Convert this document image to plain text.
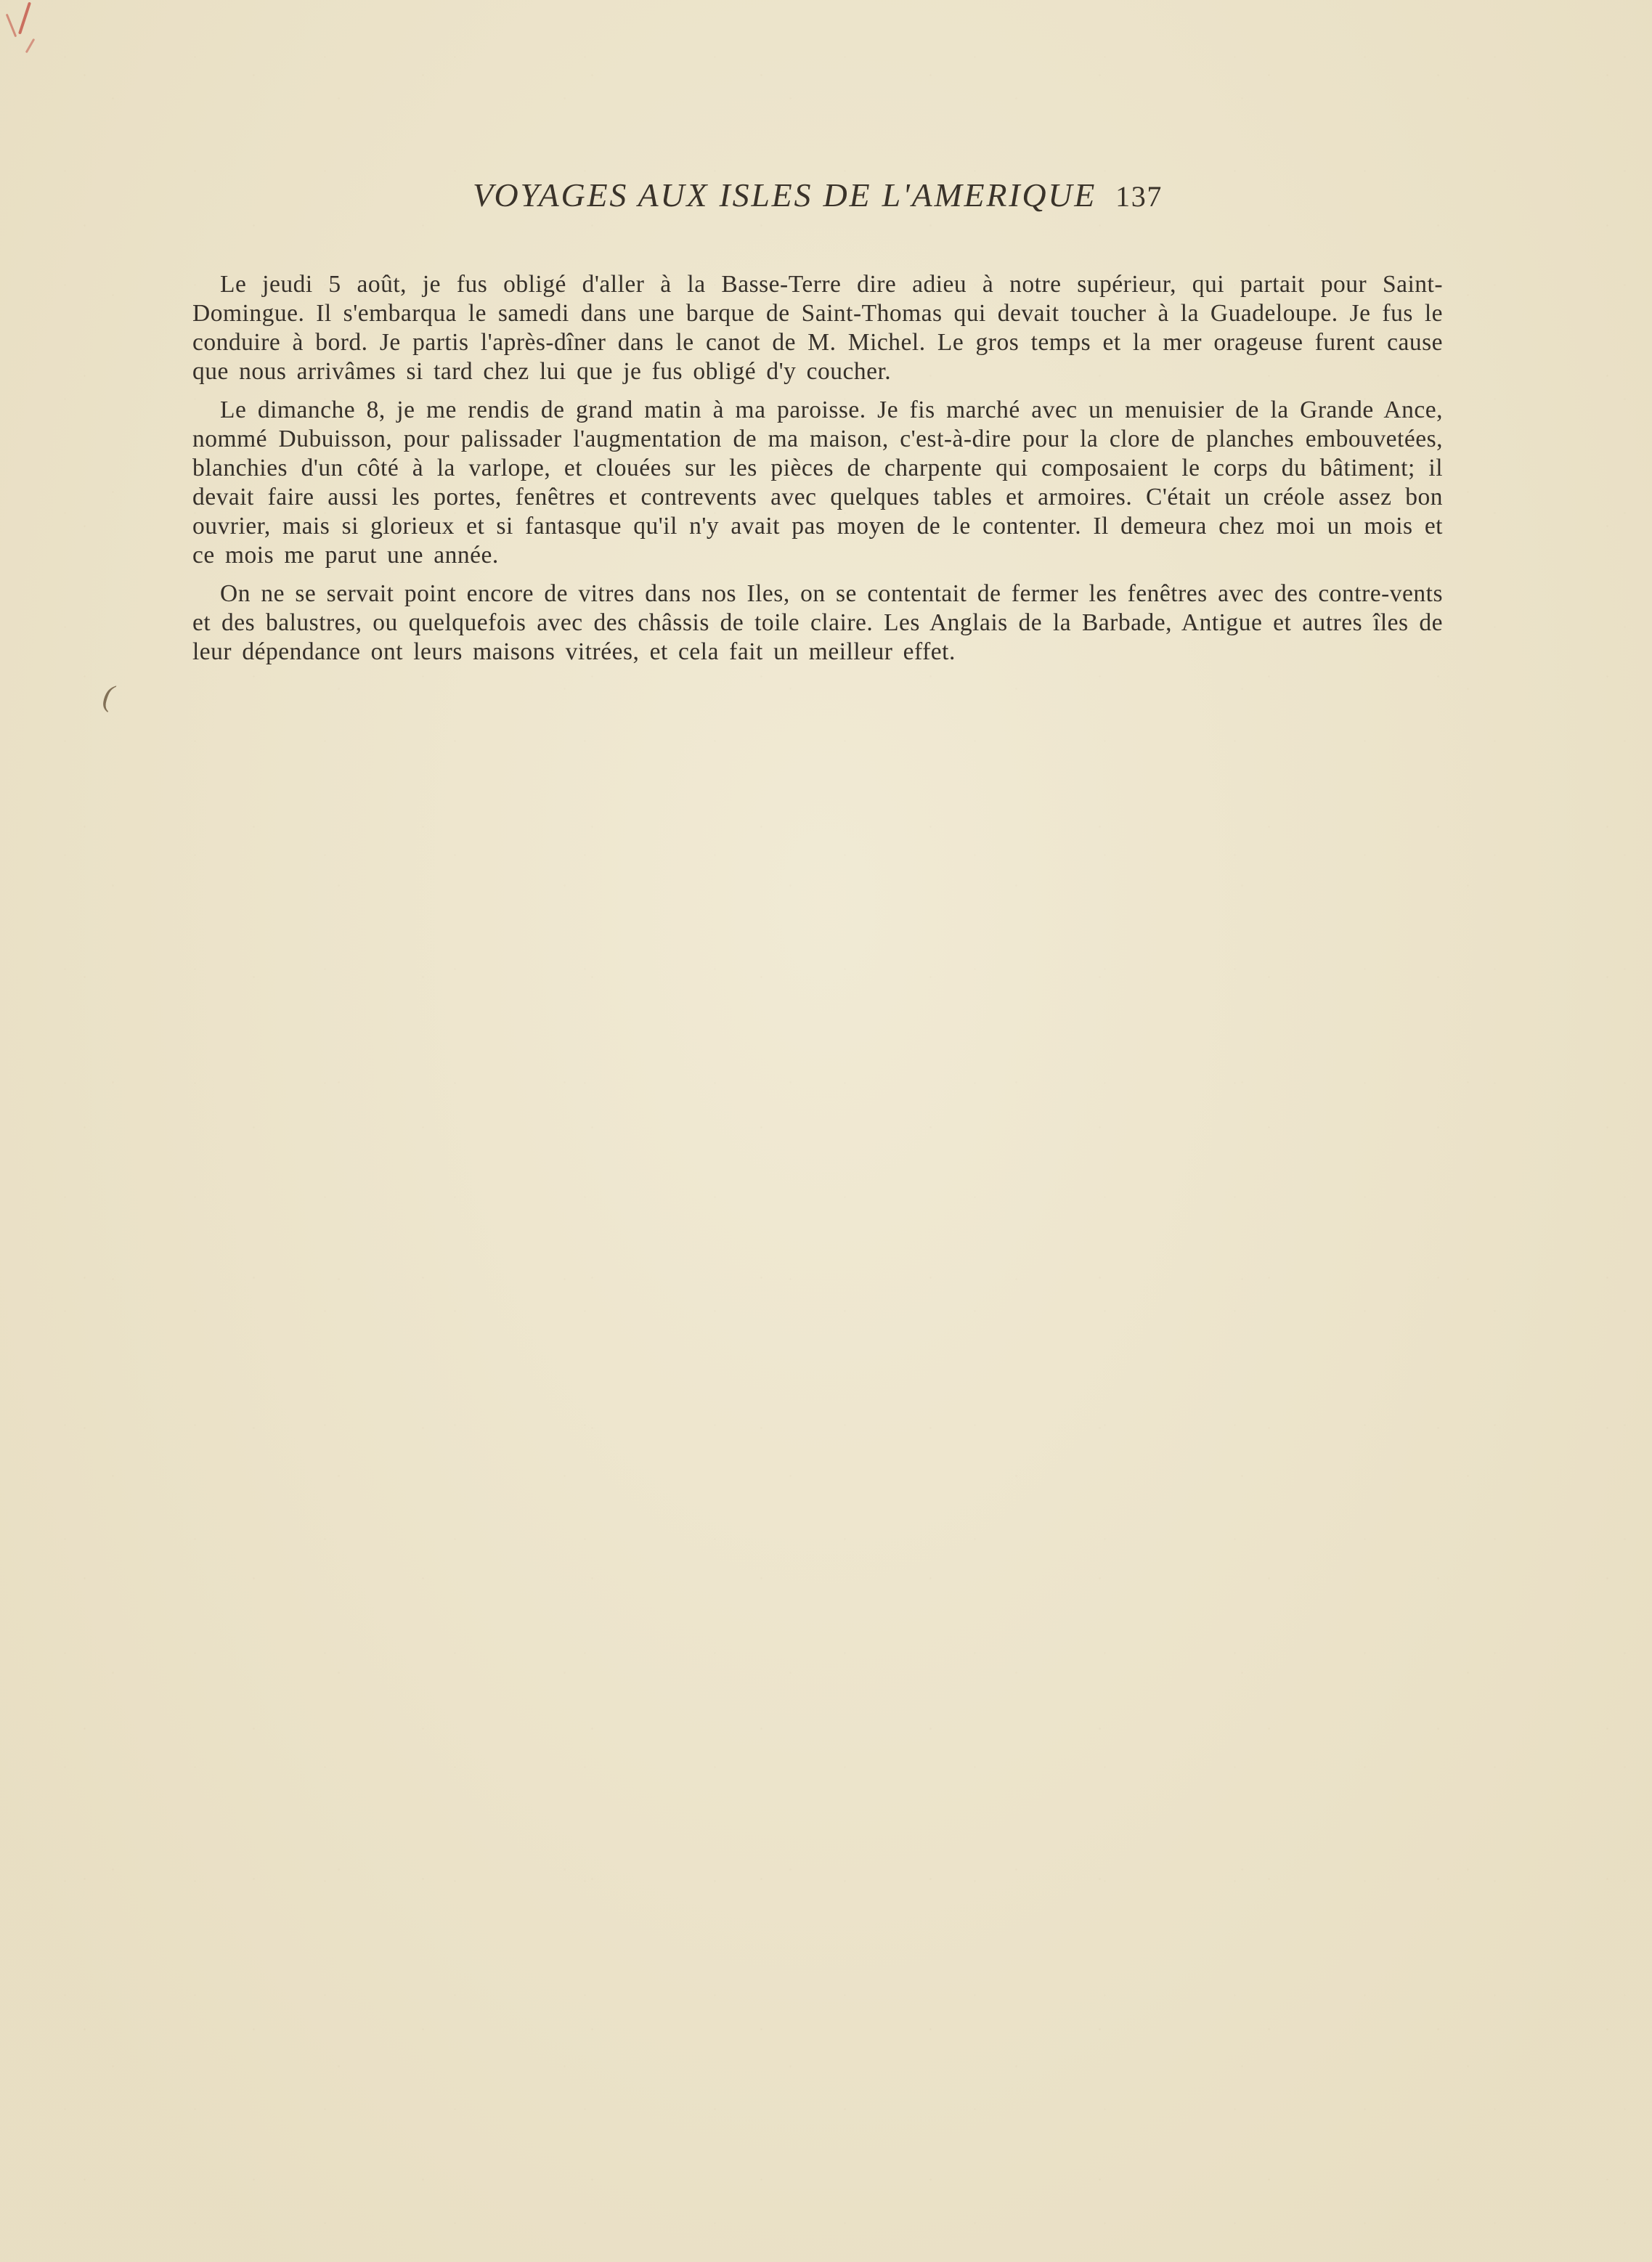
VOYAGES AUX ISLES DE L'AMERIQUE 137

Le jeudi 5 août, je fus obligé d'aller à la Basse-Terre dire adieu à notre supérieur, qui partait pour Saint-Domingue. Il s'embarqua le samedi dans une barque de Saint-Thomas qui devait toucher à la Guadeloupe. Je fus le conduire à bord. Je partis l'après-dîner dans le canot de M. Michel. Le gros temps et la mer orageuse furent cause que nous arrivâmes si tard chez lui que je fus obligé d'y coucher.

Le dimanche 8, je me rendis de grand matin à ma paroisse. Je fis marché avec un menuisier de la Grande Ance, nommé Dubuisson, pour palissader l'augmentation de ma maison, c'est-à-dire pour la clore de planches embouvetées, blanchies d'un côté à la varlope, et clouées sur les pièces de charpente qui composaient le corps du bâtiment; il devait faire aussi les portes, fenêtres et contrevents avec quelques tables et armoires. C'était un créole assez bon ouvrier, mais si glorieux et si fantasque qu'il n'y avait pas moyen de le contenter. Il demeura chez moi un mois et ce mois me parut une année.

On ne se servait point encore de vitres dans nos Iles, on se contentait de fermer les fenêtres avec des contre-vents et des balustres, ou quelquefois avec des châssis de toile claire. Les Anglais de la Barbade, Antigue et autres îles de leur dépendance ont leurs maisons vitrées, et cela fait un meilleur effet.

(
